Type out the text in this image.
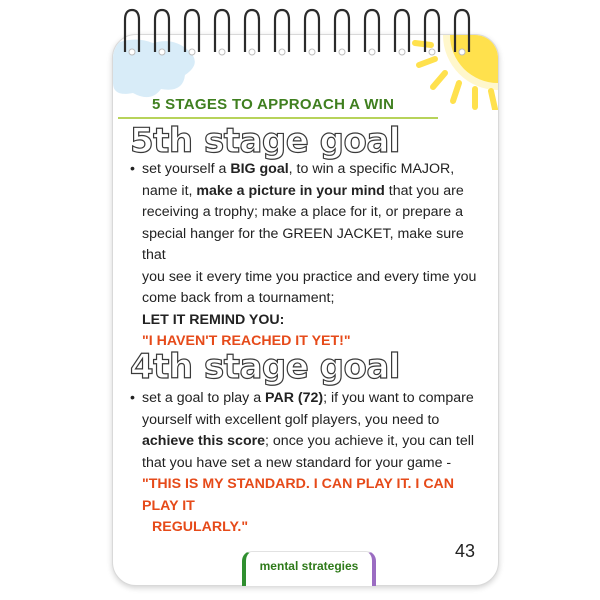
5 STAGES TO APPROACH A WIN
5th stage goal
• set yourself a BIG goal, to win a specific MAJOR,
name it, make a picture in your mind that you are
receiving a trophy; make a place for it, or prepare a
special hanger for the GREEN JACKET, make sure that
you see it every time you practice and every time you
come back from a tournament;
LET IT REMIND YOU:
"I HAVEN'T REACHED IT YET!"
4th stage goal
• set a goal to play a PAR (72); if you want to compare
yourself with excellent golf players, you need to
achieve this score; once you achieve it, you can tell
that you have set a new standard for your game -
"THIS IS MY STANDARD. I CAN PLAY IT. I CAN PLAY IT
REGULARLY."
43
mental strategies
